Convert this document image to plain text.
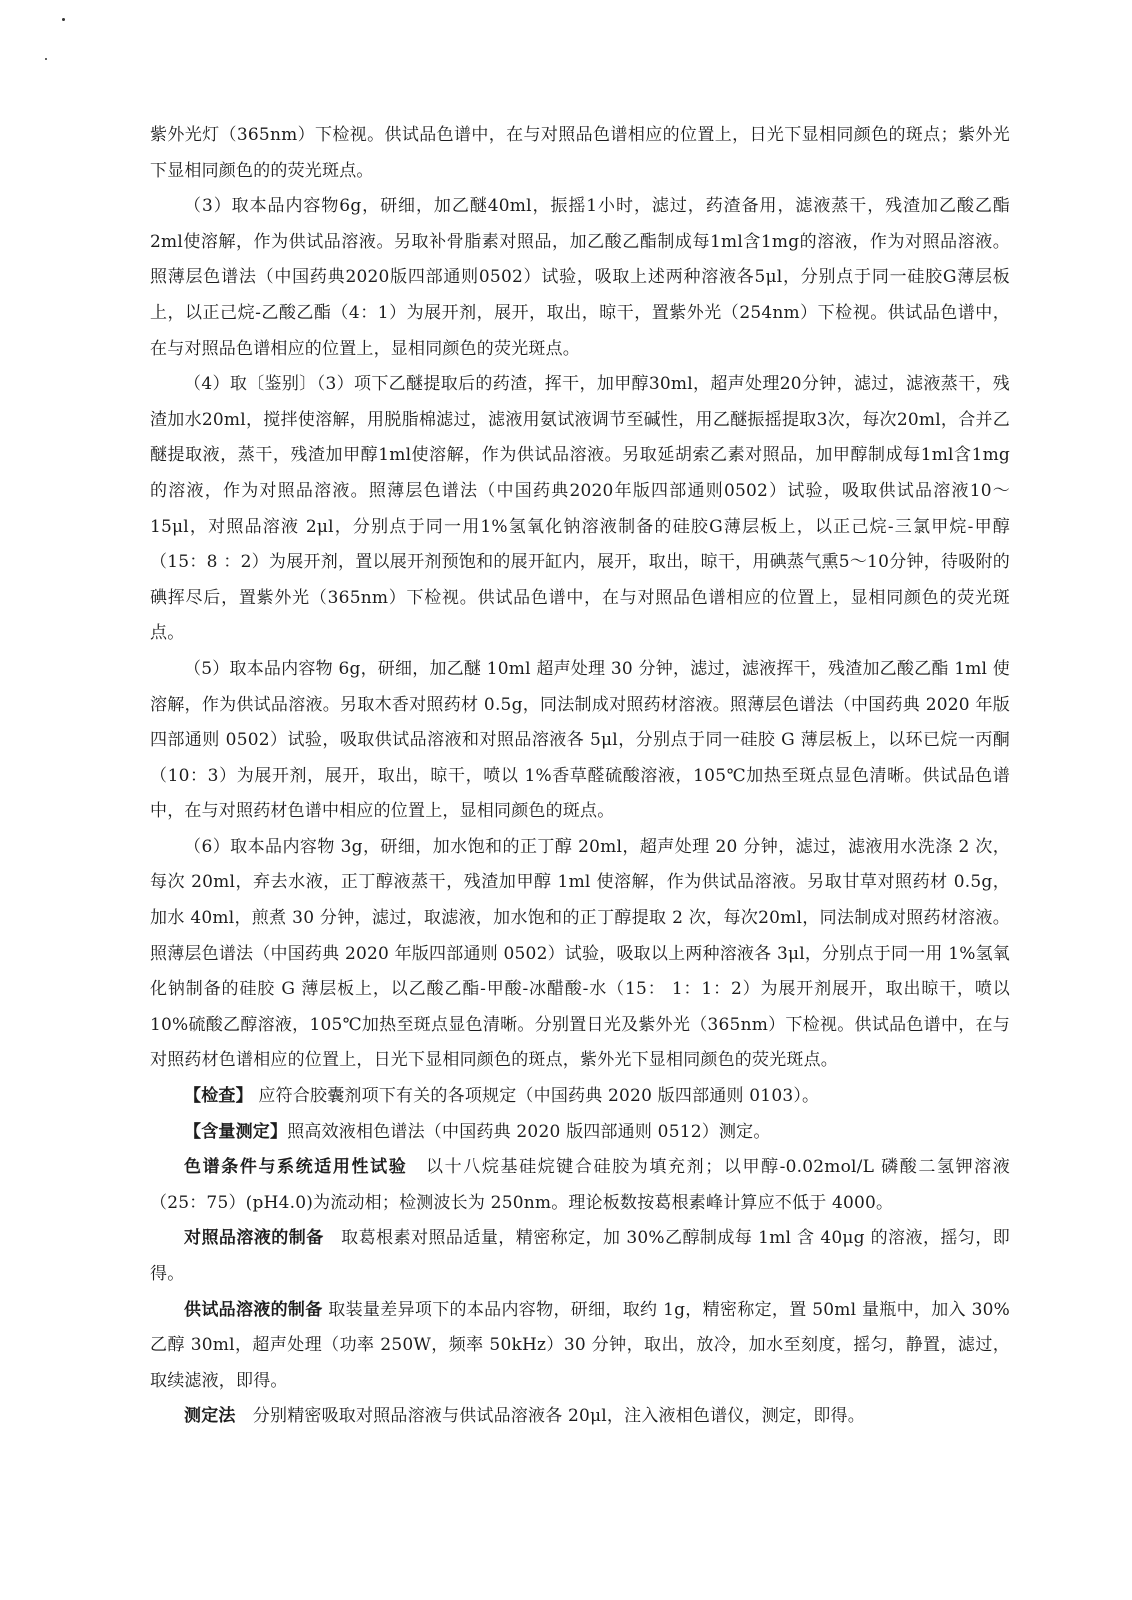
紫外光灯（365nm）下检视。供试品色谱中，在与对照品色谱相应的位置上，日光下显相同颜色的斑点；紫外光下显相同颜色的的荧光斑点。

（3）取本品内容物6g，研细，加乙醚40ml，振摇1小时，滤过，药渣备用，滤液蒸干，残渣加乙酸乙酯2ml使溶解，作为供试品溶液。另取补骨脂素对照品，加乙酸乙酯制成每1ml含1mg的溶液，作为对照品溶液。照薄层色谱法（中国药典2020版四部通则0502）试验，吸取上述两种溶液各5μl，分别点于同一硅胶G薄层板上，以正己烷-乙酸乙酯（4：1）为展开剂，展开，取出，晾干，置紫外光（254nm）下检视。供试品色谱中，在与对照品色谱相应的位置上，显相同颜色的荧光斑点。

（4）取〔鉴别〕（3）项下乙醚提取后的药渣，挥干，加甲醇30ml，超声处理20分钟，滤过，滤液蒸干，残渣加水20ml，搅拌使溶解，用脱脂棉滤过，滤液用氨试液调节至碱性，用乙醚振摇提取3次，每次20ml，合并乙醚提取液，蒸干，残渣加甲醇1ml使溶解，作为供试品溶液。另取延胡索乙素对照品，加甲醇制成每1ml含1mg的溶液，作为对照品溶液。照薄层色谱法（中国药典2020年版四部通则0502）试验，吸取供试品溶液10～15μl，对照品溶液 2μl，分别点于同一用1%氢氧化钠溶液制备的硅胶G薄层板上，以正己烷-三氯甲烷-甲醇（15：8 ：2）为展开剂，置以展开剂预饱和的展开缸内，展开，取出，晾干，用碘蒸气熏5～10分钟，待吸附的碘挥尽后，置紫外光（365nm）下检视。供试品色谱中，在与对照品色谱相应的位置上，显相同颜色的荧光斑点。

（5）取本品内容物 6g，研细，加乙醚 10ml 超声处理 30 分钟，滤过，滤液挥干，残渣加乙酸乙酯 1ml 使溶解，作为供试品溶液。另取木香对照药材 0.5g，同法制成对照药材溶液。照薄层色谱法（中国药典 2020 年版四部通则 0502）试验，吸取供试品溶液和对照品溶液各 5μl，分别点于同一硅胶 G 薄层板上，以环已烷一丙酮（10：3）为展开剂，展开，取出，晾干，喷以 1%香草醛硫酸溶液，105℃加热至斑点显色清晰。供试品色谱中，在与对照药材色谱中相应的位置上，显相同颜色的斑点。

（6）取本品内容物 3g，研细，加水饱和的正丁醇 20ml，超声处理 20 分钟，滤过，滤液用水洗涤 2 次，每次 20ml，弃去水液，正丁醇液蒸干，残渣加甲醇 1ml 使溶解，作为供试品溶液。另取甘草对照药材 0.5g，加水 40ml，煎煮 30 分钟，滤过，取滤液，加水饱和的正丁醇提取 2 次，每次20ml，同法制成对照药材溶液。照薄层色谱法（中国药典 2020 年版四部通则 0502）试验，吸取以上两种溶液各 3μl，分别点于同一用 1%氢氧化钠制备的硅胶 G 薄层板上，以乙酸乙酯-甲酸-冰醋酸-水（15： 1：1：2）为展开剂展开，取出晾干，喷以 10%硫酸乙醇溶液，105℃加热至斑点显色清晰。分别置日光及紫外光（365nm）下检视。供试品色谱中，在与对照药材色谱相应的位置上，日光下显相同颜色的斑点，紫外光下显相同颜色的荧光斑点。

【检查】 应符合胶囊剂项下有关的各项规定（中国药典 2020 版四部通则 0103）。

【含量测定】照高效液相色谱法（中国药典 2020 版四部通则 0512）测定。

色谱条件与系统适用性试验　以十八烷基硅烷键合硅胶为填充剂；以甲醇-0.02mol/L 磷酸二氢钾溶液（25：75）(pH4.0)为流动相；检测波长为 250nm。理论板数按葛根素峰计算应不低于 4000。

对照品溶液的制备　取葛根素对照品适量，精密称定，加 30%乙醇制成每 1ml 含 40μg 的溶液，摇匀，即得。

供试品溶液的制备 取装量差异项下的本品内容物，研细，取约 1g，精密称定，置 50ml 量瓶中，加入 30%乙醇 30ml，超声处理（功率 250W，频率 50kHz）30 分钟，取出，放冷，加水至刻度，摇匀，静置，滤过，取续滤液，即得。

测定法　分别精密吸取对照品溶液与供试品溶液各 20μl，注入液相色谱仪，测定，即得。
